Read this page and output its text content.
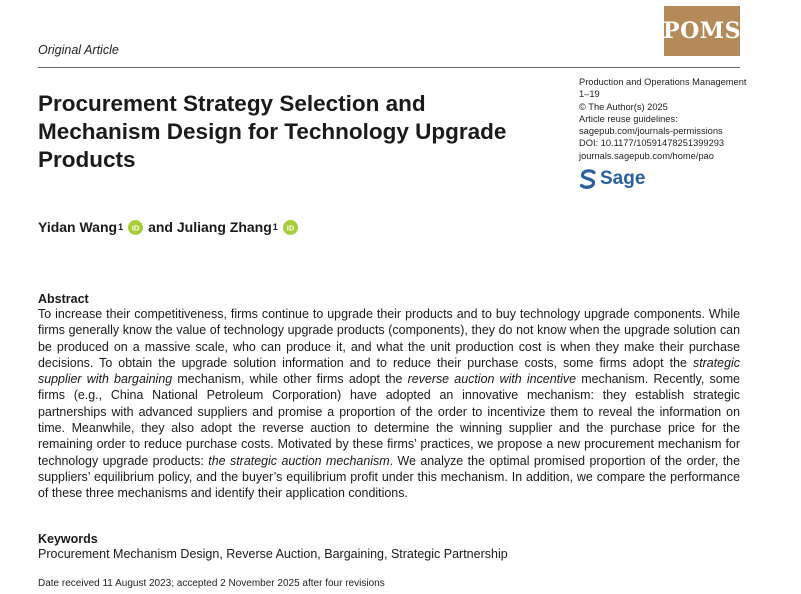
Original Article
POMS
Procurement Strategy Selection and Mechanism Design for Technology Upgrade Products
Production and Operations Management
1–19
© The Author(s) 2025
Article reuse guidelines:
sagepub.com/journals-permissions
DOI: 10.1177/10591478251399293
journals.sagepub.com/home/pao
Sage
Yidan Wang 1 iD and
Juliang Zhang 1 iD
Abstract

To increase their competitiveness, firms continue to upgrade their products and to buy technology upgrade components. While firms generally know the value of technology upgrade products (components), they do not know when the upgrade solution can be produced on a massive scale, who can produce it, and what the unit production cost is when they make their purchase decisions. To obtain the upgrade solution information and to reduce their purchase costs, some firms adopt the strategic supplier with bargaining mechanism, while other firms adopt the reverse auction with incentive mechanism. Recently, some firms (e.g., China National Petroleum Corporation) have adopted an innovative mechanism: they establish strategic partnerships with advanced suppliers and promise a proportion of the order to incentivize them to reveal the information on time. Meanwhile, they also adopt the reverse auction to determine the winning supplier and the purchase price for the remaining order to reduce purchase costs. Motivated by these firms’ practices, we propose a new procurement mechanism for technology upgrade products: the strategic auction mechanism. We analyze the optimal promised proportion of the order, the suppliers’ equilibrium policy, and the buyer’s equilibrium profit under this mechanism. In addition, we compare the performance of these three mechanisms and identify their application conditions.

Keywords

Procurement Mechanism Design, Reverse Auction, Bargaining, Strategic Partnership

Date received 11 August 2023; accepted 2 November 2025 after four revisions
